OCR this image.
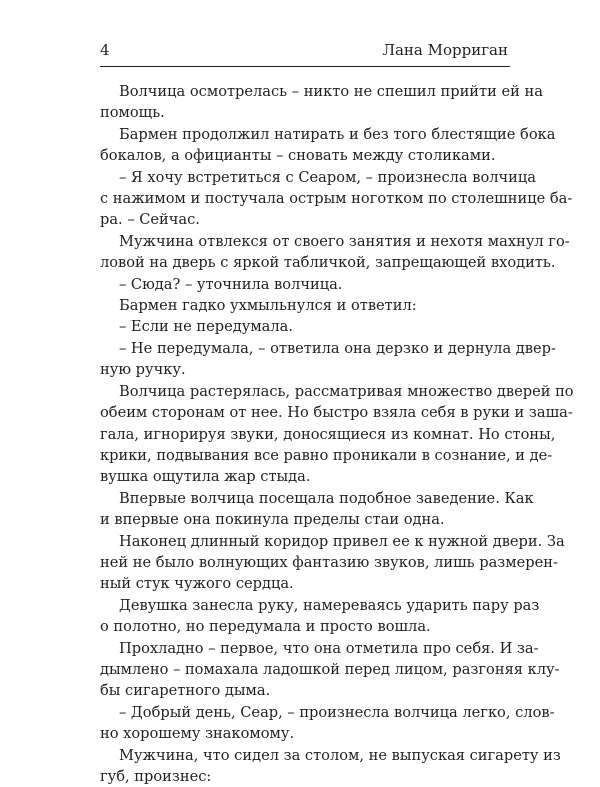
4	Лана Морриган
Волчица осмотрелась – никто не спешил прийти ей на
помощь.
Бармен продолжил натирать и без того блестящие бока
бокалов, а официанты – сновать между столиками.
– Я хочу встретиться с Сеаром, – произнесла волчица
с нажимом и постучала острым ноготком по столешнице ба-
ра. – Сейчас.
Мужчина отвлекся от своего занятия и нехотя махнул го-
ловой на дверь с яркой табличкой, запрещающей входить.
– Сюда? – уточнила волчица.
Бармен гадко ухмыльнулся и ответил:
– Если не передумала.
– Не передумала, – ответила она дерзко и дернула двер-
ную ручку.
Волчица растерялась, рассматривая множество дверей по
обеим сторонам от нее. Но быстро взяла себя в руки и заша-
гала, игнорируя звуки, доносящиеся из комнат. Но стоны,
крики, подвывания все равно проникали в сознание, и де-
вушка ощутила жар стыда.
Впервые волчица посещала подобное заведение. Как
и впервые она покинула пределы стаи одна.
Наконец длинный коридор привел ее к нужной двери. За
ней не было волнующих фантазию звуков, лишь размерен-
ный стук чужого сердца.
Девушка занесла руку, намереваясь ударить пару раз
о полотно, но передумала и просто вошла.
Прохладно – первое, что она отметила про себя. И за-
дымлено – помахала ладошкой перед лицом, разгоняя клу-
бы сигаретного дыма.
– Добрый день, Сеар, – произнесла волчица легко, слов-
но хорошему знакомому.
Мужчина, что сидел за столом, не выпуская сигарету из
губ, произнес:
